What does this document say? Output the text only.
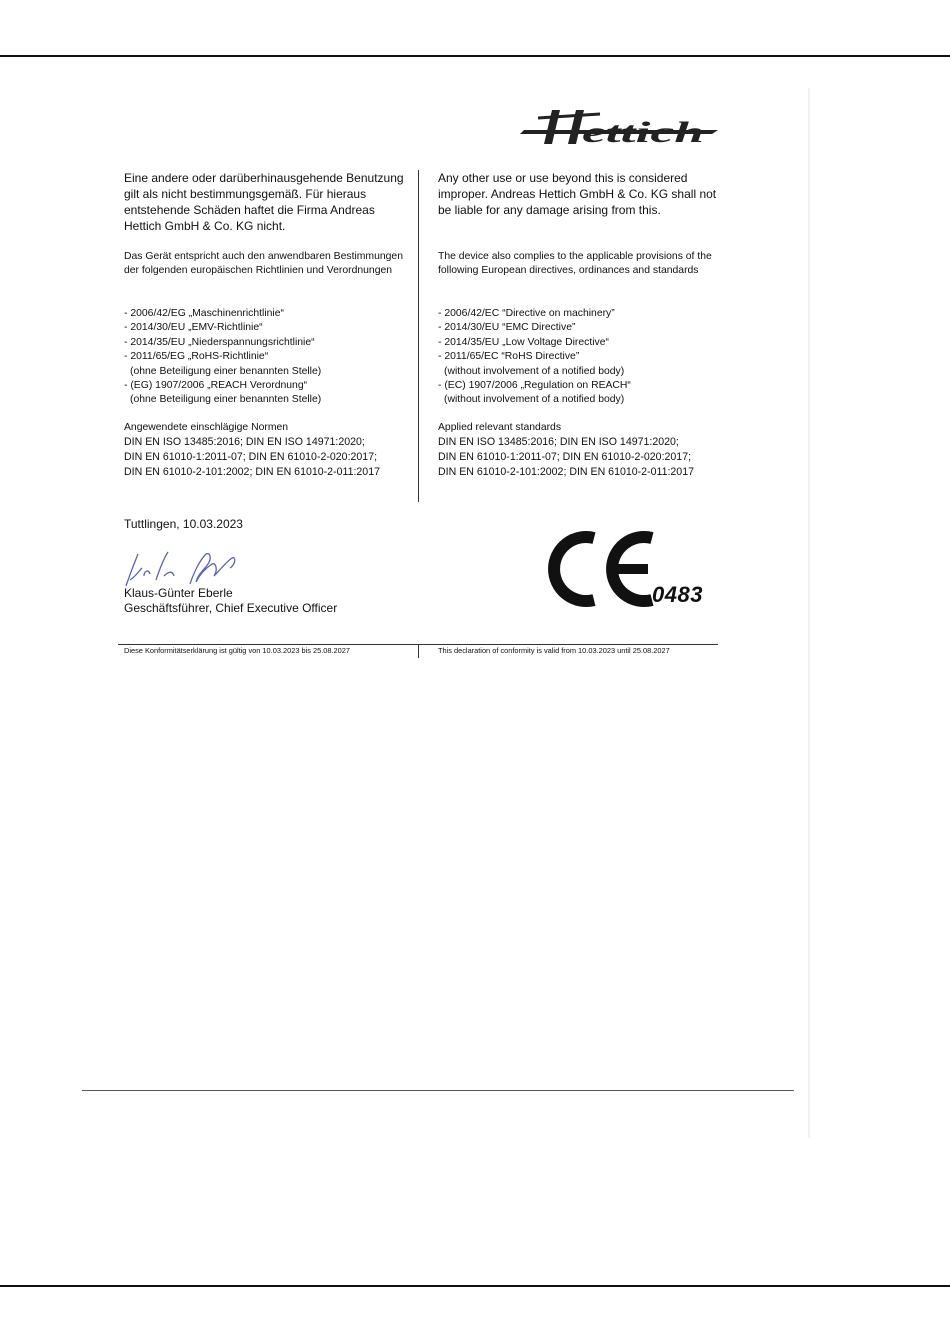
ettich

Eine andere oder darüberhinausgehende Benutzung gilt als nicht bestimmungsgemäß. Für hieraus entstehende Schäden haftet die Firma Andreas Hettich GmbH & Co. KG nicht.

Das Gerät entspricht auch den anwendbaren Bestimmungen der folgenden europäischen Richtlinien und Verordnungen

- 2006/42/EG „Maschinenrichtlinie“
- 2014/30/EU „EMV-Richtlinie“
- 2014/35/EU „Niederspannungsrichtlinie“
- 2011/65/EG „RoHS-Richtlinie“
(ohne Beteiligung einer benannten Stelle)
- (EG) 1907/2006 „REACH Verordnung“
(ohne Beteiligung einer benannten Stelle)
Angewendete einschlägige Normen
DIN EN ISO 13485:2016; DIN EN ISO 14971:2020;
DIN EN 61010-1:2011-07; DIN EN 61010-2-020:2017;
DIN EN 61010-2-101:2002; DIN EN 61010-2-011:2017

Any other use or use beyond this is considered improper. Andreas Hettich GmbH & Co. KG shall not be liable for any damage arising from this.

The device also complies to the applicable provisions of the following European directives, ordinances and standards

- 2006/42/EC “Directive on machinery”
- 2014/30/EU “EMC Directive”
- 2014/35/EU „Low Voltage Directive“
- 2011/65/EC “RoHS Directive”
(without involvement of a notified body)
- (EC) 1907/2006 „Regulation on REACH“
(without involvement of a notified body)
Applied relevant standards
DIN EN ISO 13485:2016; DIN EN ISO 14971:2020;
DIN EN 61010-1:2011-07; DIN EN 61010-2-020:2017;
DIN EN 61010-2-101:2002; DIN EN 61010-2-011:2017
Tuttlingen, 10.03.2023
Klaus-Günter Eberle
Geschäftsführer, Chief Executive Officer
0483
Diese Konformitätserklärung ist gültig von 10.03.2023 bis 25.08.2027	This declaration of conformity is valid from 10.03.2023 until 25.08.2027
